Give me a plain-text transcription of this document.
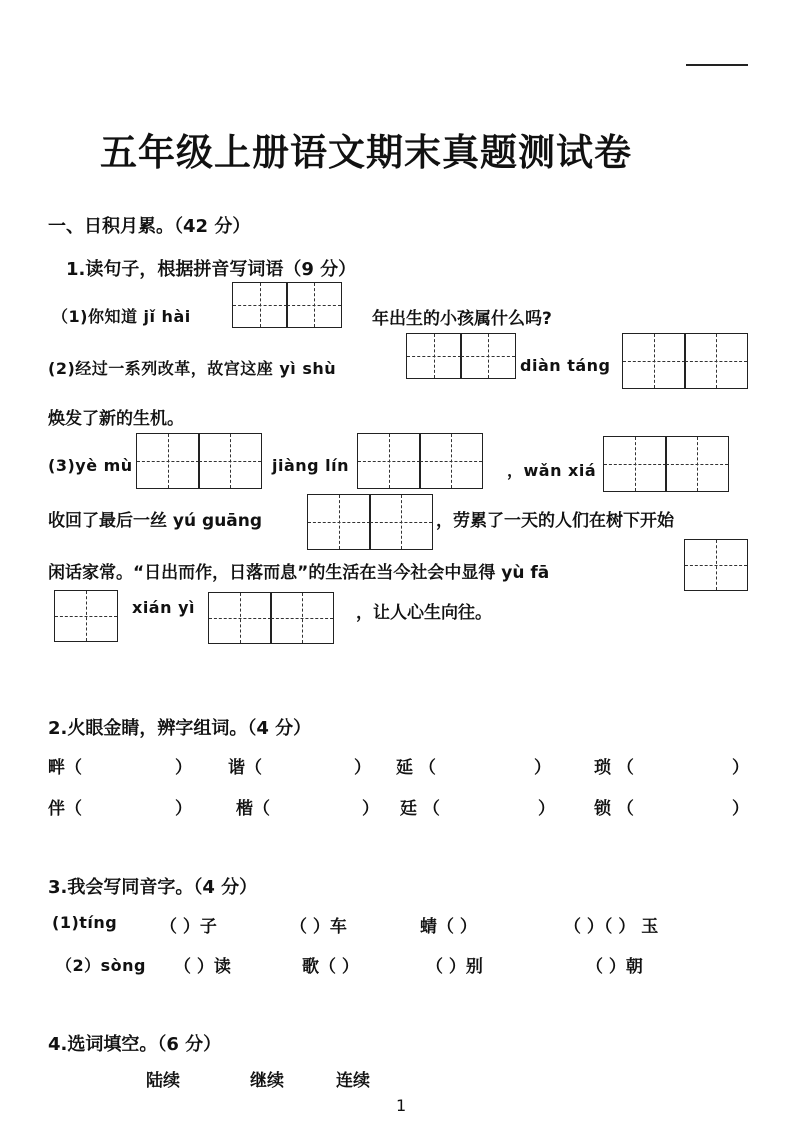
五年级上册语文期末真题测试卷
一、日积月累。（42 分）
1.读句子，根据拼音写词语（9 分）
（1)你知道 jǐ hài	年出生的小孩属什么吗?
(2)经过一系列改革，故宫这座 yì shù	diàn táng
焕发了新的生机。
(3)yè mù	jiàng lín	，wǎn xiá
收回了最后一丝 yú guāng	，劳累了一天的人们在树下开始
闲话家常。“日出而作，日落而息”的生活在当今社会中显得 yù fā
xián yì	，让人心生向往。
2.火眼金睛，辨字组词。（4 分）
畔（	） 谐（	） 延 （	）	琐 （	）
伴（	）	楷（	） 廷 （	） 锁 （	）
3.我会写同音字。（4 分）
(1)tíng	（ ）子	（ ）车	蜻（ ）	（ ）（ ） 玉
（2）sòng （ ）读	歌（ ）	（ ）别	（ ）朝
4.选词填空。（6 分）
陆续	继续	连续
1
